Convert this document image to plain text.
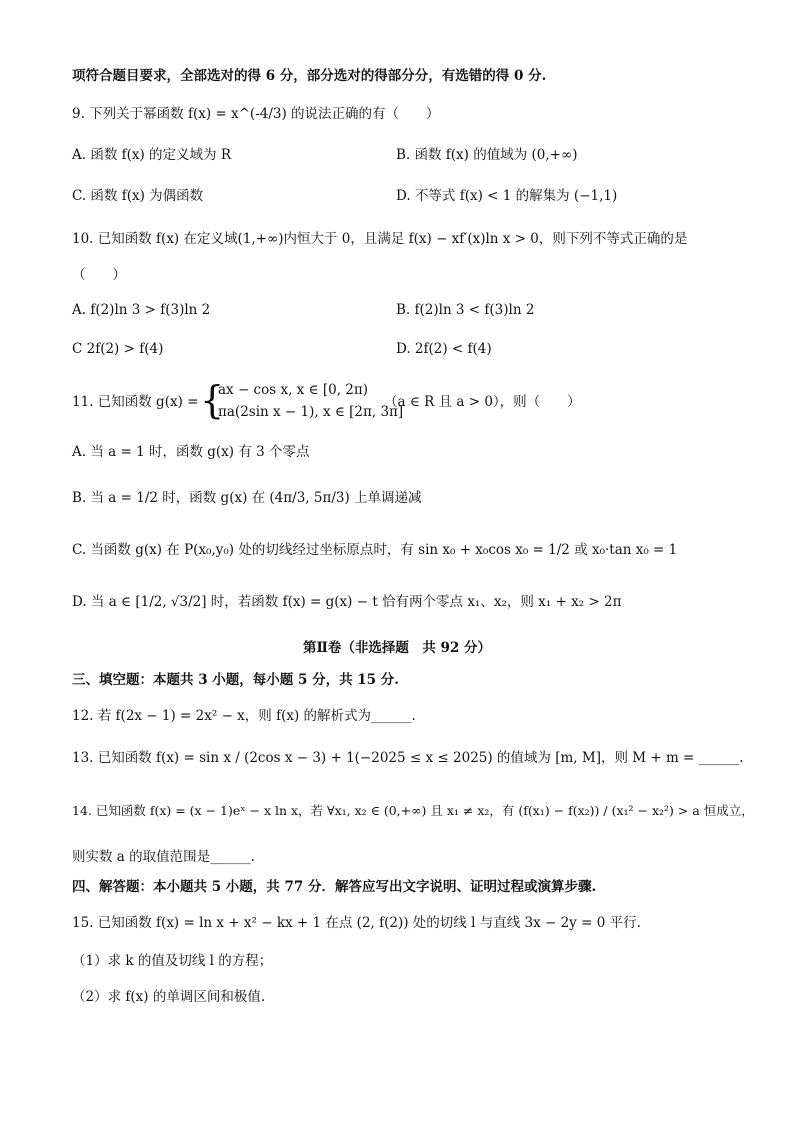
项符合题目要求，全部选对的得 6 分，部分选对的得部分分，有选错的得 0 分.
9. 下列关于幂函数 f(x) = x^(-4/3) 的说法正确的有（　　）
A. 函数 f(x) 的定义域为 R	B. 函数 f(x) 的值域为 (0,+∞)
C. 函数 f(x) 为偶函数	D. 不等式 f(x) < 1 的解集为 (−1,1)
10. 已知函数 f(x) 在定义域(1,+∞)内恒大于 0，且满足 f(x) − xf′(x)ln x > 0，则下列不等式正确的是
（　　）
A. f(2)ln 3 > f(3)ln 2	B. f(2)ln 3 < f(3)ln 2
C 2f(2) > f(4)	D. 2f(2) < f(4)
11. 已知函数 g(x) = {
ax − cos x, x ∈ [0, 2π)
πa(2sin x − 1), x ∈ [2π, 3π]
（a ∈ R 且 a > 0），则（　　）
A. 当 a = 1 时，函数 g(x) 有 3 个零点
B. 当 a = 1/2 时，函数 g(x) 在 (4π/3, 5π/3) 上单调递减
C. 当函数 g(x) 在 P(x₀,y₀) 处的切线经过坐标原点时，有 sin x₀ + x₀cos x₀ = 1/2 或 x₀·tan x₀ = 1
D. 当 a ∈ [1/2, √3/2] 时，若函数 f(x) = g(x) − t 恰有两个零点 x₁、x₂，则 x₁ + x₂ > 2π
第Ⅱ卷（非选择题　共 92 分）
三、填空题：本题共 3 小题，每小题 5 分，共 15 分.
12. 若 f(2x − 1) = 2x² − x，则 f(x) 的解析式为______.
13. 已知函数 f(x) = sin x / (2cos x − 3) + 1(−2025 ≤ x ≤ 2025) 的值域为 [m, M]，则 M + m = ______.
14. 已知函数 f(x) = (x − 1)eˣ − x ln x，若 ∀x₁, x₂ ∈ (0,+∞) 且 x₁ ≠ x₂，有 (f(x₁) − f(x₂)) / (x₁² − x₂²) > a 恒成立，
则实数 a 的取值范围是______.
四、解答题：本小题共 5 小题，共 77 分．解答应写出文字说明、证明过程或演算步骤.
15. 已知函数 f(x) = ln x + x² − kx + 1 在点 (2, f(2)) 处的切线 l 与直线 3x − 2y = 0 平行.
（1）求 k 的值及切线 l 的方程；
（2）求 f(x) 的单调区间和极值.
